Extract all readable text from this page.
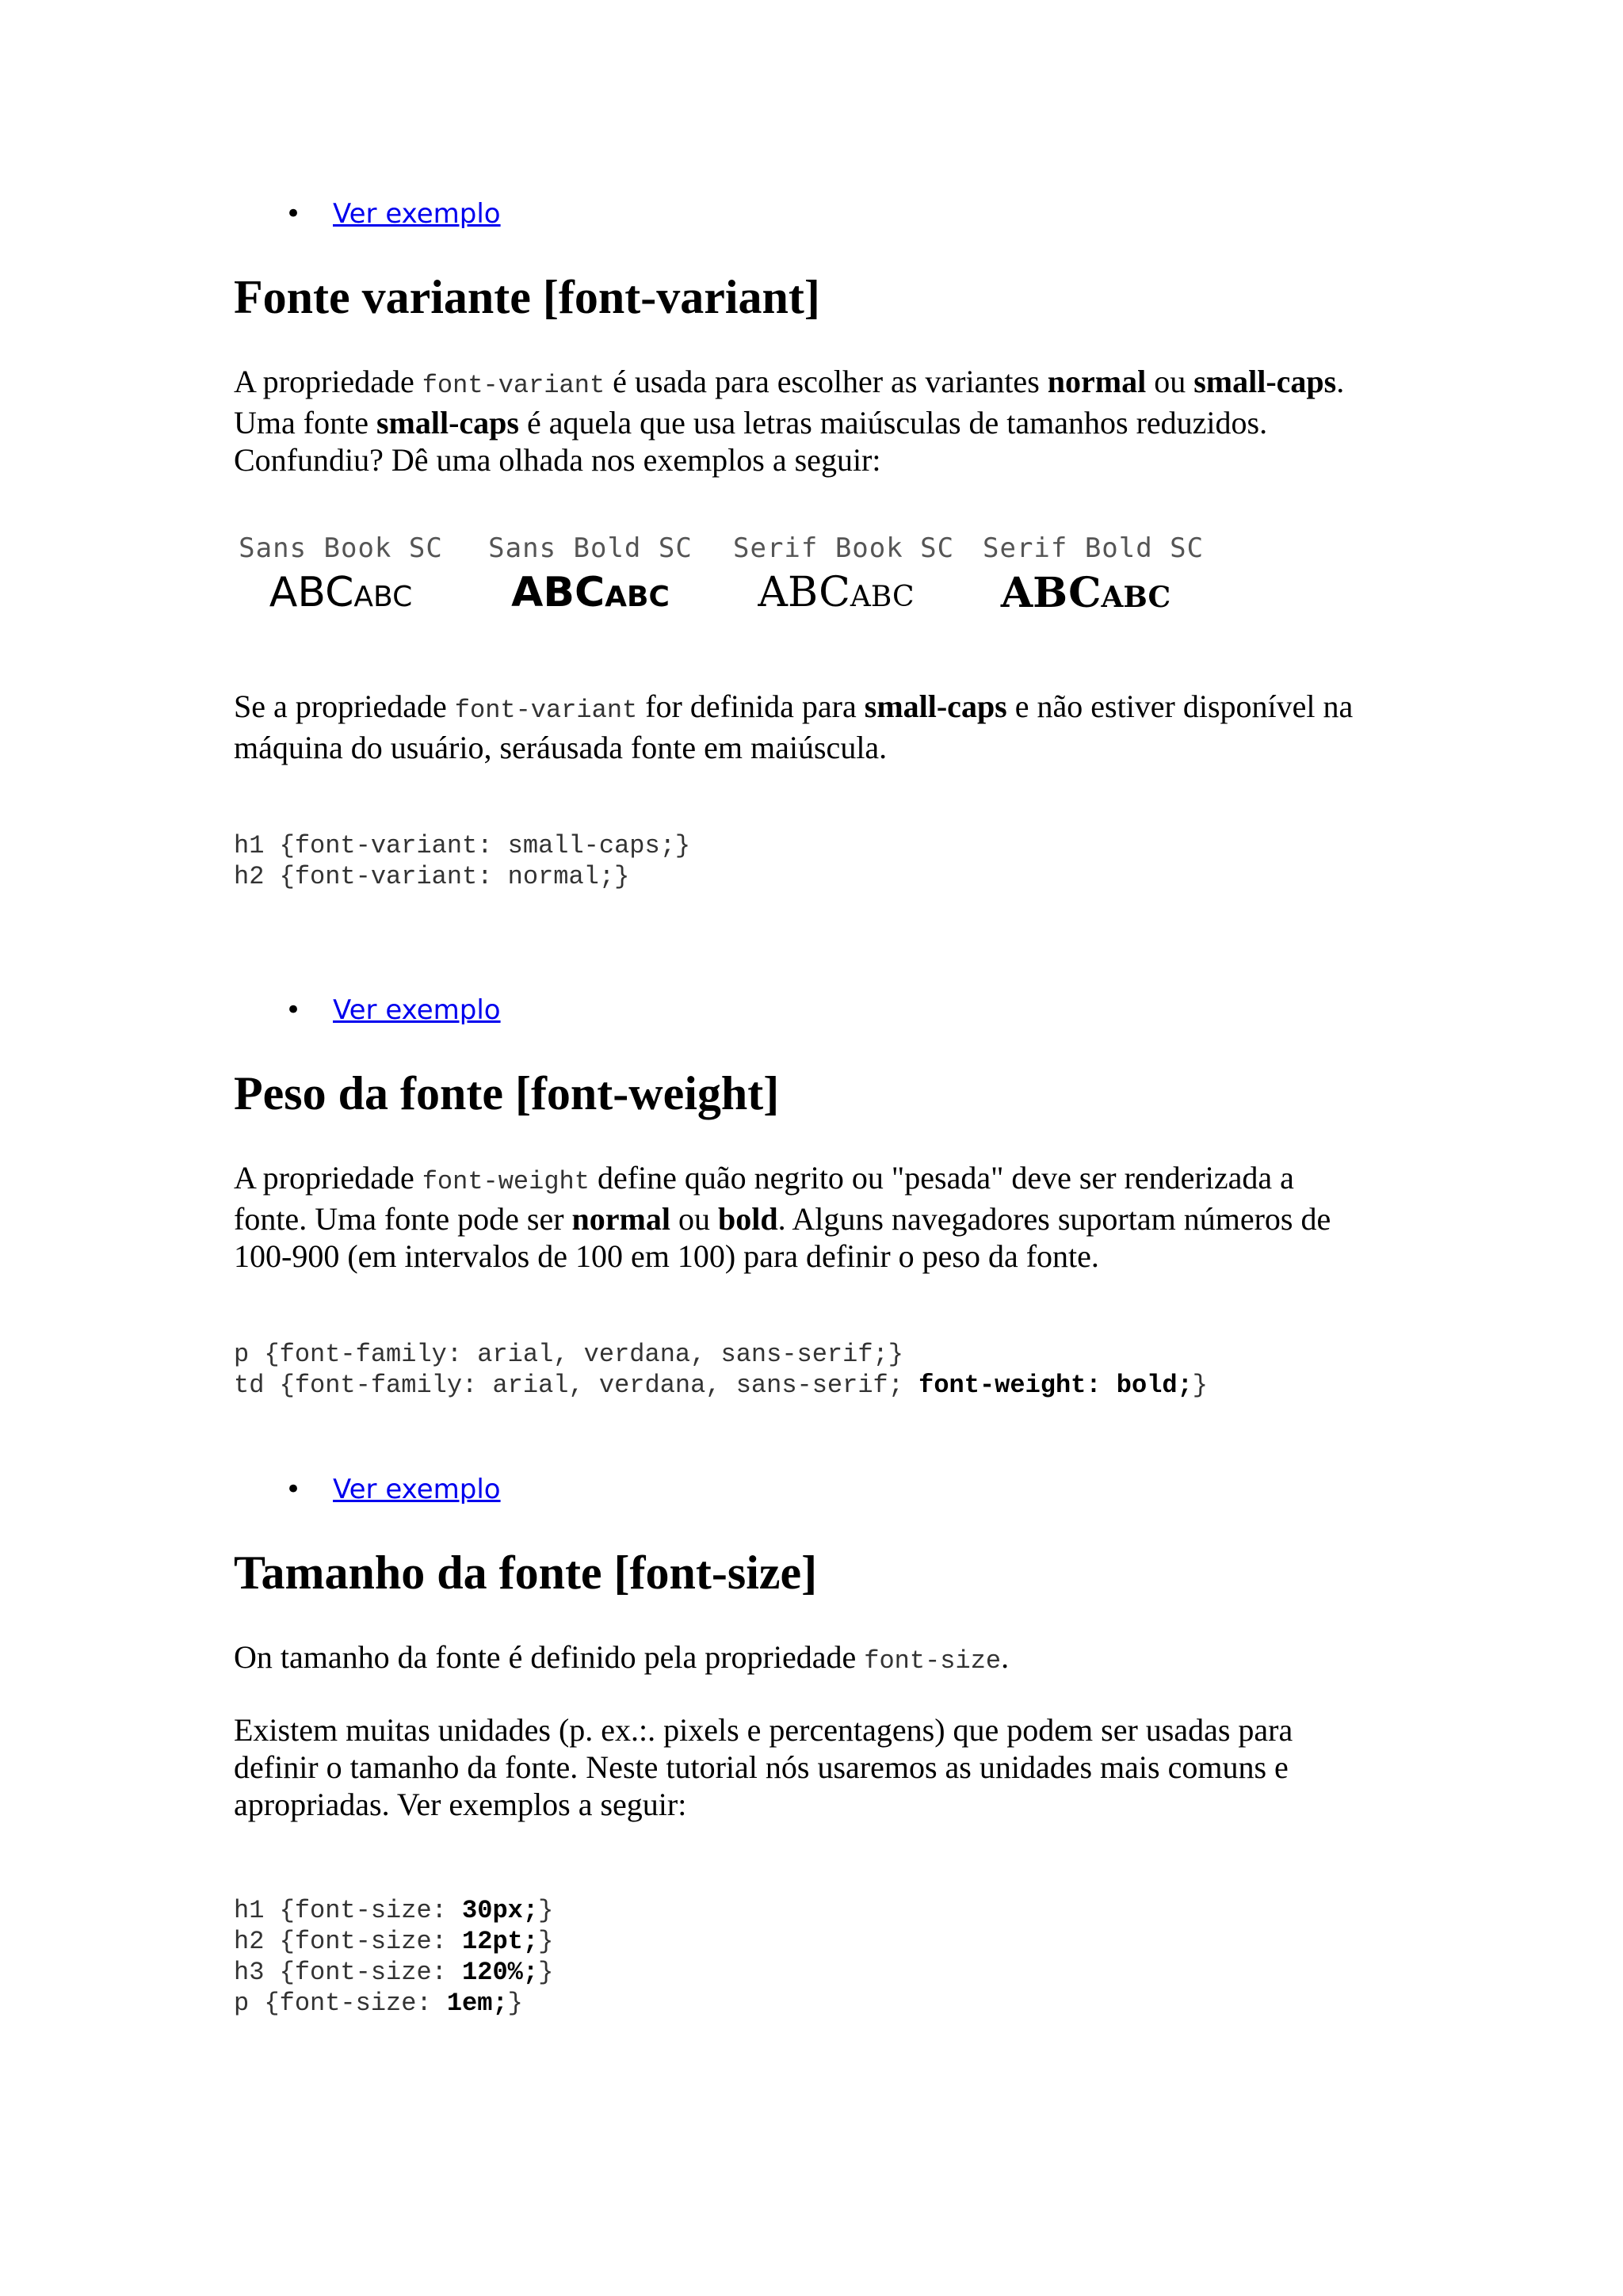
• Ver exemplo
Fonte variante [font-variant]

A propriedade font-variant é usada para escolher as variantes normal ou small-caps.
Uma fonte small-caps é aquela que usa letras maiúsculas de tamanhos reduzidos.
Confundiu? Dê uma olhada nos exemplos a seguir:

Sans Book SC
ABCabc
Sans Bold SC
ABCabc
Serif Book SC
ABCabc
Serif Bold SC
ABCabc

Se a propriedade font-variant for definida para small-caps e não estiver disponível na
máquina do usuário, seráusada fonte em maiúscula.

h1 {font-variant: small-caps;}
h2 {font-variant: normal;}
• Ver exemplo
Peso da fonte [font-weight]

A propriedade font-weight define quão negrito ou "pesada" deve ser renderizada a
fonte. Uma fonte pode ser normal ou bold. Alguns navegadores suportam números de
100-900 (em intervalos de 100 em 100) para definir o peso da fonte.

p {font-family: arial, verdana, sans-serif;}
td {font-family: arial, verdana, sans-serif; font-weight: bold;}
• Ver exemplo
Tamanho da fonte [font-size]

On tamanho da fonte é definido pela propriedade font-size.

Existem muitas unidades (p. ex.:. pixels e percentagens) que podem ser usadas para
definir o tamanho da fonte. Neste tutorial nós usaremos as unidades mais comuns e
apropriadas. Ver exemplos a seguir:

h1 {font-size: 30px;}
h2 {font-size: 12pt;}
h3 {font-size: 120%;}
p {font-size: 1em;}
